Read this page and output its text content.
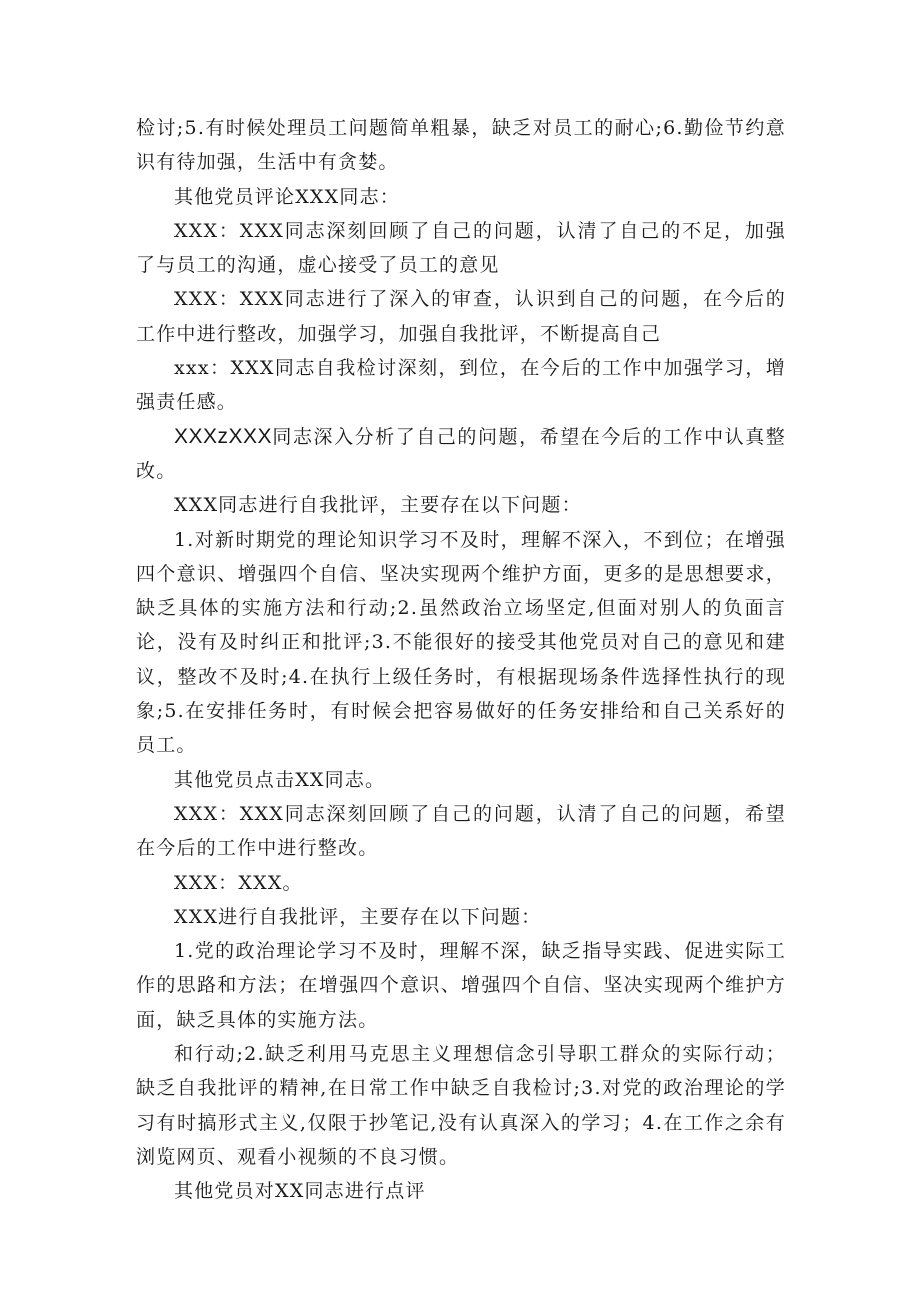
检讨;5.有时候处理员工问题简单粗暴，缺乏对员工的耐心;6.勤俭节约意识有待加强，生活中有贪婪。

其他党员评论XXX同志：

XXX：XXX同志深刻回顾了自己的问题，认清了自己的不足，加强了与员工的沟通，虚心接受了员工的意见

XXX：XXX同志进行了深入的审查，认识到自己的问题，在今后的工作中进行整改，加强学习，加强自我批评，不断提高自己

xxx：XXX同志自我检讨深刻，到位，在今后的工作中加强学习，增强责任感。

XXXzXXX同志深入分析了自己的问题，希望在今后的工作中认真整改。

XXX同志进行自我批评，主要存在以下问题：

1.对新时期党的理论知识学习不及时，理解不深入，不到位；在增强四个意识、增强四个自信、坚决实现两个维护方面，更多的是思想要求，缺乏具体的实施方法和行动;2.虽然政治立场坚定,但面对别人的负面言论，没有及时纠正和批评;3.不能很好的接受其他党员对自己的意见和建议，整改不及时;4.在执行上级任务时，有根据现场条件选择性执行的现象;5.在安排任务时，有时候会把容易做好的任务安排给和自己关系好的员工。

其他党员点击XX同志。

XXX：XXX同志深刻回顾了自己的问题，认清了自己的问题，希望在今后的工作中进行整改。

XXX：XXX。

XXX进行自我批评，主要存在以下问题：

1.党的政治理论学习不及时，理解不深，缺乏指导实践、促进实际工作的思路和方法；在增强四个意识、增强四个自信、坚决实现两个维护方面，缺乏具体的实施方法。

和行动;2.缺乏利用马克思主义理想信念引导职工群众的实际行动；缺乏自我批评的精神,在日常工作中缺乏自我检讨;3.对党的政治理论的学习有时搞形式主义,仅限于抄笔记,没有认真深入的学习；4.在工作之余有浏览网页、观看小视频的不良习惯。

其他党员对XX同志进行点评
